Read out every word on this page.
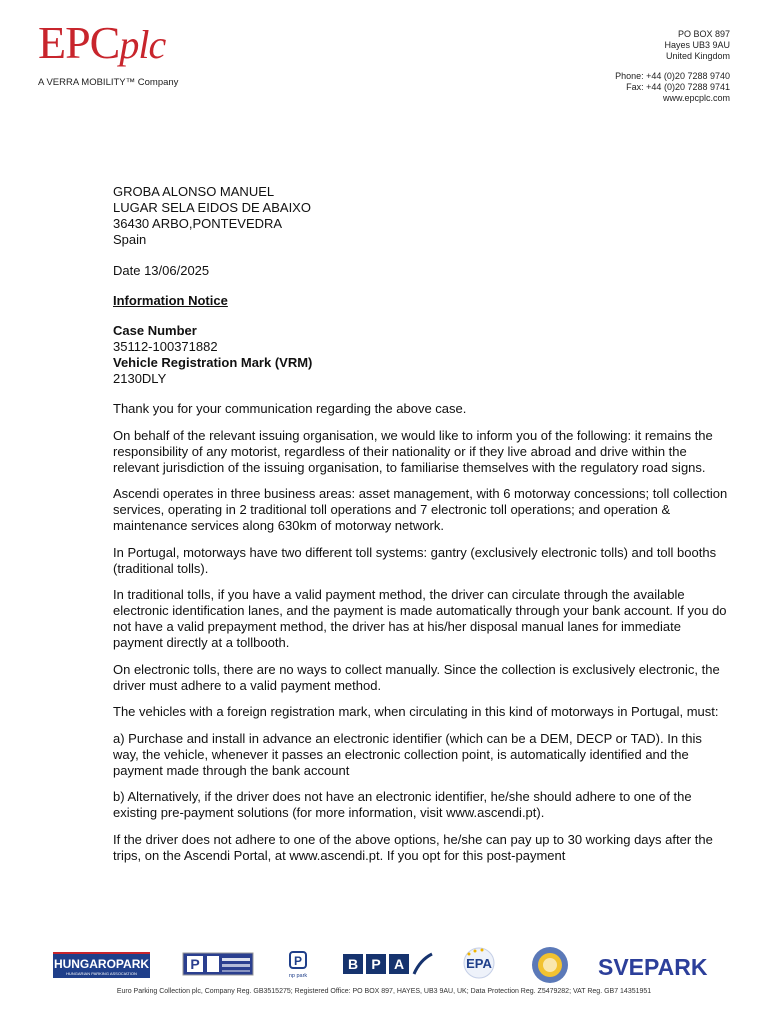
EPCplc
A VERRA MOBILITY™ Company
PO BOX 897
Hayes UB3 9AU
United Kingdom
Phone: +44 (0)20 7288 9740
Fax: +44 (0)20 7288 9741
www.epcplc.com
GROBA ALONSO MANUEL
LUGAR SELA EIDOS DE ABAIXO
36430 ARBO,PONTEVEDRA
Spain
Date 13/06/2025
Information Notice
Case Number
35112-100371882
Vehicle Registration Mark (VRM)
2130DLY

Thank you for your communication regarding the above case.

On behalf of the relevant issuing organisation, we would like to inform you of the following: it remains the responsibility of any motorist, regardless of their nationality or if they live abroad and drive within the relevant jurisdiction of the issuing organisation, to familiarise themselves with the regulatory road signs.

Ascendi operates in three business areas: asset management, with 6 motorway concessions; toll collection services, operating in 2 traditional toll operations and 7 electronic toll operations; and operation & maintenance services along 630km of motorway network.

In Portugal, motorways have two different toll systems: gantry (exclusively electronic tolls) and toll booths (traditional tolls).

In traditional tolls, if you have a valid payment method, the driver can circulate through the available electronic identification lanes, and the payment is made automatically through your bank account. If you do not have a valid prepayment method, the driver has at his/her disposal manual lanes for immediate payment directly at a tollbooth.

On electronic tolls, there are no ways to collect manually. Since the collection is exclusively electronic, the driver must adhere to a valid payment method.

The vehicles with a foreign registration mark, when circulating in this kind of motorways in Portugal, must:

a) Purchase and install in advance an electronic identifier (which can be a DEM, DECP or TAD). In this way, the vehicle, whenever it passes an electronic collection point, is automatically identified and the payment made through the bank account

b) Alternatively, if the driver does not have an electronic identifier, he/she should adhere to one of the existing pre-payment solutions (for more information, visit www.ascendi.pt).

If the driver does not adhere to one of the above options, he/she can pay up to 30 working days after the trips, on the Ascendi Portal, at www.ascendi.pt. If you opt for this post-payment

HUNGAROPARK
HUNGARIAN PARKING ASSOCIATION
P	P
np park
B P A	EPA	SVEPARK
Euro Parking Collection plc, Company Reg. GB3515275; Registered Office: PO BOX 897, HAYES, UB3 9AU, UK; Data Protection Reg. Z5479282; VAT Reg. GB7 14351951
